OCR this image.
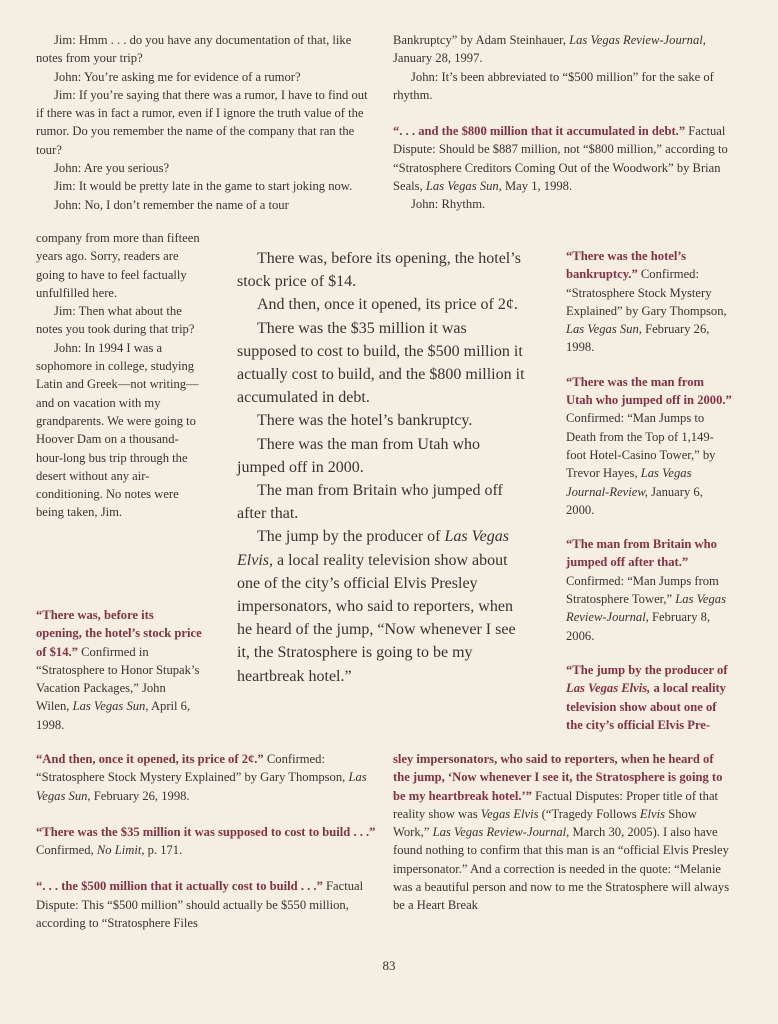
Jim: Hmm . . . do you have any documentation of that, like notes from your trip?

John: You’re asking me for evidence of a rumor?

Jim: If you’re saying that there was a rumor, I have to find out if there was in fact a rumor, even if I ignore the truth value of the rumor. Do you remember the name of the company that ran the tour?

John: Are you serious?

Jim: It would be pretty late in the game to start joking now.

John: No, I don’t remember the name of a tour

company from more than fifteen years ago. Sorry, readers are going to have to feel factually unfulfilled here.

Jim: Then what about the notes you took during that trip?

John: In 1994 I was a sophomore in college, studying Latin and Greek—not writing—and on vacation with my grandparents. We were going to Hoover Dam on a thousand-hour-long bus trip through the desert without any air-conditioning. No notes were being taken, Jim.

“There was, before its opening, the hotel’s stock price of $14.” Confirmed in “Stratosphere to Honor Stupak’s Vacation Packages,” John Wilen, Las Vegas Sun, April 6, 1998.

Bankruptcy” by Adam Steinhauer, Las Vegas Review-Journal, January 28, 1997.

John: It’s been abbreviated to “$500 million” for the sake of rhythm.

“. . . and the $800 million that it accumulated in debt.” Factual Dispute: Should be $887 million, not “$800 million,” according to “Stratosphere Creditors Coming Out of the Woodwork” by Brian Seals, Las Vegas Sun, May 1, 1998.

John: Rhythm.

There was, before its opening, the hotel’s stock price of $14.

And then, once it opened, its price of 2¢.

There was the $35 million it was supposed to cost to build, the $500 million it actually cost to build, and the $800 million it accumulated in debt.

There was the hotel’s bankruptcy.

There was the man from Utah who jumped off in 2000.

The man from Britain who jumped off after that.

The jump by the producer of Las Vegas Elvis, a local reality television show about one of the city’s official Elvis Presley impersonators, who said to reporters, when he heard of the jump, “Now whenever I see it, the Stratosphere is going to be my heartbreak hotel.”

“There was the hotel’s bankruptcy.” Confirmed: “Stratosphere Stock Mystery Explained” by Gary Thompson, Las Vegas Sun, February 26, 1998.

“There was the man from Utah who jumped off in 2000.” Confirmed: “Man Jumps to Death from the Top of 1,149-foot Hotel-Casino Tower,” by Trevor Hayes, Las Vegas Journal-Review, January 6, 2000.

“The man from Britain who jumped off after that.” Confirmed: “Man Jumps from Stratosphere Tower,” Las Vegas Review-Journal, February 8, 2006.

“The jump by the producer of Las Vegas Elvis, a local reality television show about one of the city’s official Elvis Pre-

“And then, once it opened, its price of 2¢.” Confirmed: “Stratosphere Stock Mystery Explained” by Gary Thompson, Las Vegas Sun, February 26, 1998.

“There was the $35 million it was supposed to cost to build . . .” Confirmed, No Limit, p. 171.

“. . . the $500 million that it actually cost to build . . .” Factual Dispute: This “$500 million” should actually be $550 million, according to “Stratosphere Files

sley impersonators, who said to reporters, when he heard of the jump, ‘Now whenever I see it, the Stratosphere is going to be my heartbreak hotel.’” Factual Disputes: Proper title of that reality show was Vegas Elvis (“Tragedy Follows Elvis Show Work,” Las Vegas Review-Journal, March 30, 2005). I also have found nothing to confirm that this man is an “official Elvis Presley impersonator.” And a correction is needed in the quote: “Melanie was a beautiful person and now to me the Stratosphere will always be a Heart Break

83
